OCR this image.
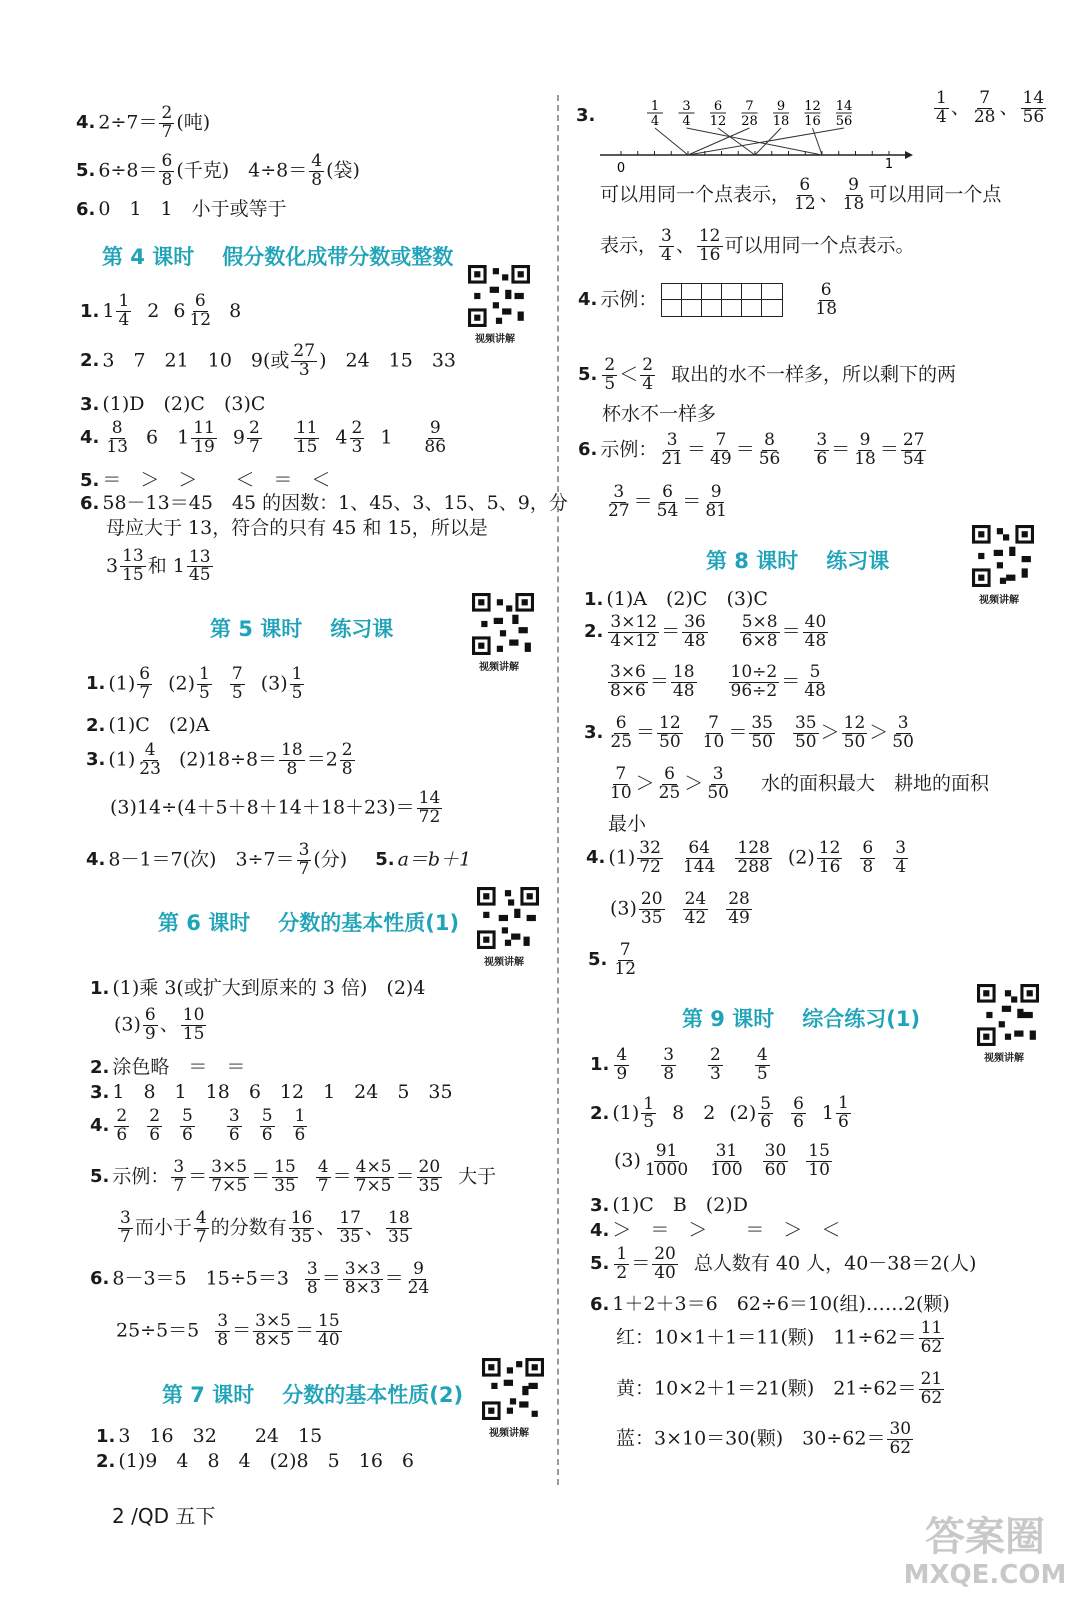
4. $2\div 7= \frac{2}{7}$ (吨)
5. $6\div 8= \frac{6}{8}$ (千克)　$4\div 8= \frac{4}{8}$ (袋)
6. 0　1　1　小于或等于
第 4 课时 假分数化成带分数或整数
视频讲解
1. $1 \frac{1}{4} 2$ $6 \frac{6}{12} 8$
2. 3　7　21　10　9(或 $\frac{27}{3}$ )　24　15　33
3. (1)D　(2)C　(3)C
4. $\frac{8}{13} 6$　$1 \frac{11}{19} 9 \frac{2}{7} \frac{11}{15} 4 \frac{2}{3} 1 \frac{9}{86}$
5. ＝　＞　＞　　＜　＝　＜
6. 58－13＝45　45 的因数：1、45、3、15、5、9，分
母应大于 13，符合的只有 45 和 15，所以是
$3 \frac{13}{15}$ 和 $1 \frac{13}{45}$
第 5 课时 练习课
视频讲解
1. $(1) \frac{6}{7} (2) \frac{1}{5} \frac{7}{5} (3) \frac{1}{5}$
2. (1)C　(2)A
3. $(1) \frac{4}{23} (2)18\div 8= \frac{18}{8} =2 \frac{2}{8}$
$(3)14\div(4+5+8+14+18+23)= \frac{14}{72}$
4. 8－1＝7(次)　$3\div 7= \frac{3}{7}$ (分) 5. a＝b＋1
第 6 课时 分数的基本性质(1)
视频讲解
1. (1)乘 3(或扩大到原来的 3 倍)　(2)4
$(3) \frac{6}{9}$ 、 $\frac{10}{15}$
2. 涂色略　＝　＝
3. 1　8　1　18　6　12　1　24　5　35
4. $\frac{2}{6} \frac{2}{6} \frac{5}{6} \frac{3}{6} \frac{5}{6} \frac{1}{6}$
5. 示例： $\frac{3}{7} = \frac{3\times 5}{7\times 5} = \frac{15}{35} \frac{4}{7} = \frac{4\times 5}{7\times 5} = \frac{20}{35}$ 大于
$\frac{3}{7}$ 而小于 $\frac{4}{7}$ 的分数有 $\frac{16}{35}$ 、 $\frac{17}{35}$ 、 $\frac{18}{35}$
6. 8－3＝5　$15\div 5=3 \frac{3}{8} = \frac{3\times 3}{8\times 3} = \frac{9}{24}$
$25\div 5=5 \frac{3}{8} = \frac{3\times 5}{8\times 5} = \frac{15}{40}$
第 7 课时 分数的基本性质(2)
视频讲解
1. 3　16　32　　24　15
2. (1)9　4　8　4　(2)8　5　16　6
3.	1
4
3
4
6
12
7
28
9
18
12
16
14
56
0	1
$\frac{1}{4}$ 、 $\frac{7}{28}$ 、 $\frac{14}{56}$
可以用同一个点表示， $\frac{6}{12}$ 、 $\frac{9}{18}$ 可以用同一个点
表示， $\frac{3}{4}$ 、 $\frac{12}{16}$ 可以用同一个点表示。
4. 示例：	$\frac{6}{18}$
5. $\frac{2}{5} < \frac{2}{4}$ 取出的水不一样多，所以剩下的两
杯水不一样多
6. 示例： $\frac{3}{21} = \frac{7}{49} = \frac{8}{56} \frac{3}{6} = \frac{9}{18} = \frac{27}{54}$
$\frac{3}{27} = \frac{6}{54} = \frac{9}{81}$
第 8 课时 练习课
视频讲解
1. (1)A　(2)C　(3)C
2. $\frac{3\times 12}{4\times 12} = \frac{36}{48} \frac{5\times 8}{6\times 8} = \frac{40}{48}$
$\frac{3\times 6}{8\times 6} = \frac{18}{48} \frac{10\div 2}{96\div 2} = \frac{5}{48}$
3. $\frac{6}{25} = \frac{12}{50} \frac{7}{10} = \frac{35}{50} \frac{35}{50} > \frac{12}{50} > \frac{3}{50}$
$\frac{7}{10} > \frac{6}{25} > \frac{3}{50}$ 水的面积最大　耕地的面积
最小
4. $(1) \frac{32}{72} \frac{64}{144} \frac{128}{288} (2) \frac{12}{16} \frac{6}{8} \frac{3}{4}$
$(3) \frac{20}{35} \frac{24}{42} \frac{28}{49}$
5. $\frac{7}{12}$
第 9 课时 综合练习(1)
视频讲解
1. $\frac{4}{9} \frac{3}{8} \frac{2}{3} \frac{4}{5}$
2. $(1) \frac{1}{5} 8$　2 $(2) \frac{5}{6} \frac{6}{6} 1 \frac{1}{6}$
$(3) \frac{91}{1000} \frac{31}{100} \frac{30}{60} \frac{15}{10}$
3. (1)C　B　(2)D
4. ＞　＝　＞　　＝　＞　＜
5. $\frac{1}{2} = \frac{20}{40}$ 总人数有 40 人，40－38＝2(人)
6. 1＋2＋3＝6　62÷6＝10(组)……2(颗)
红：10×1＋1＝11(颗)　$11\div 62= \frac{11}{62}$
黄：10×2＋1＝21(颗)　$21\div 62= \frac{21}{62}$
蓝：3×10＝30(颗)　$30\div 62= \frac{30}{62}$
2 /QD 五下	答案圈
MXQE.COM
